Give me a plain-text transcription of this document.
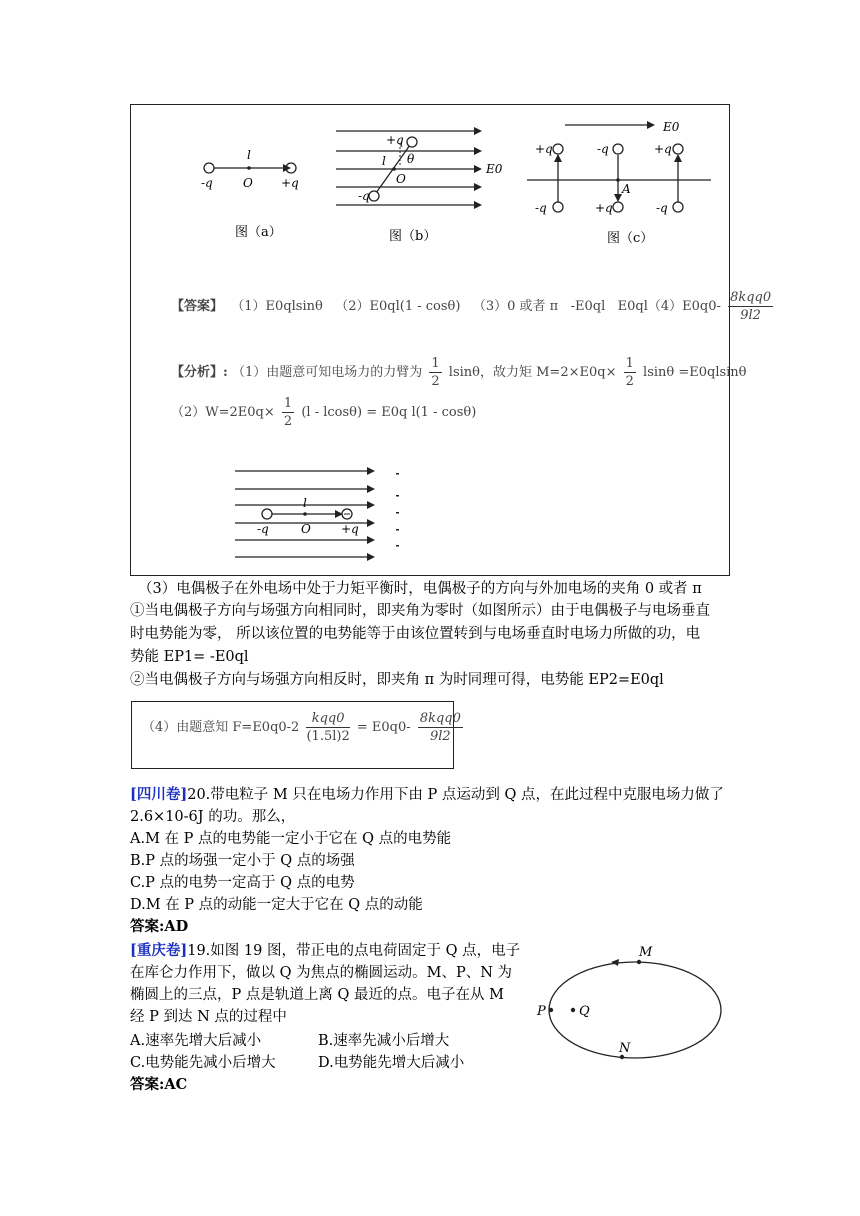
l
-q	O +q
图（a）
+q
l θ
O
-q
E0
图（b）
E0
A
+q	-q	+q
-q	+q	-q
图（c）
【答案】 （1）E0qlsinθ （2）E0ql(1 - cosθ) （3）0 或者 π -E0ql $E0ql(4)E0q0- \frac{\text{8kqq0}}{9l2}$
【分析】: （1）由题意可知电场力的力臂为 $\frac{1}{2}$ lsinθ，故力矩 $M=2\times E0q\times \frac{1}{2}$ lsinθ =E0qlsinθ
$(2)W=2E0q\times \frac{1}{2} (l - lcos\theta) = E0q$ l(1 - cosθ)
l
-q	O	+q
（3）电偶极子在外电场中处于力矩平衡时，电偶极子的方向与外加电场的夹角 0 或者 π
①当电偶极子方向与场强方向相同时，即夹角为零时（如图所示）由于电偶极子与电场垂直
时电势能为零， 所以该位置的电势能等于由该位置转到与电场垂直时电场力所做的功，电
势能 EP1= -E0ql
②当电偶极子方向与场强方向相反时，即夹角 π 为时同理可得，电势能 EP2=E0ql
（4）由题意知 $F=E0q0-2 \frac{\text{kqq0}}{(1.5l)2} = E0q0- \frac{\text{8kqq0}}{9l2}$
[四川卷]20.带电粒子 M 只在电场力作用下由 P 点运动到 Q 点，在此过程中克服电场力做了
2.6×10-6J 的功。那么，
A.M 在 P 点的电势能一定小于它在 Q 点的电势能
B.P 点的场强一定小于 Q 点的场强
C.P 点的电势一定高于 Q 点的电势
D.M 在 P 点的动能一定大于它在 Q 点的动能
答案:AD
[重庆卷]19.如图 19 图，带正电的点电荷固定于 Q 点，电子
在库仑力作用下，做以 Q 为焦点的椭圆运动。M、P、N 为
椭圆上的三点，P 点是轨道上离 Q 最近的点。电子在从 M
经 P 到达 N 点的过程中
A.速率先增大后减小	B.速率先减小后增大
C.电势能先减小后增大	D.电势能先增大后减小
答案:AC
M
P	Q
N
